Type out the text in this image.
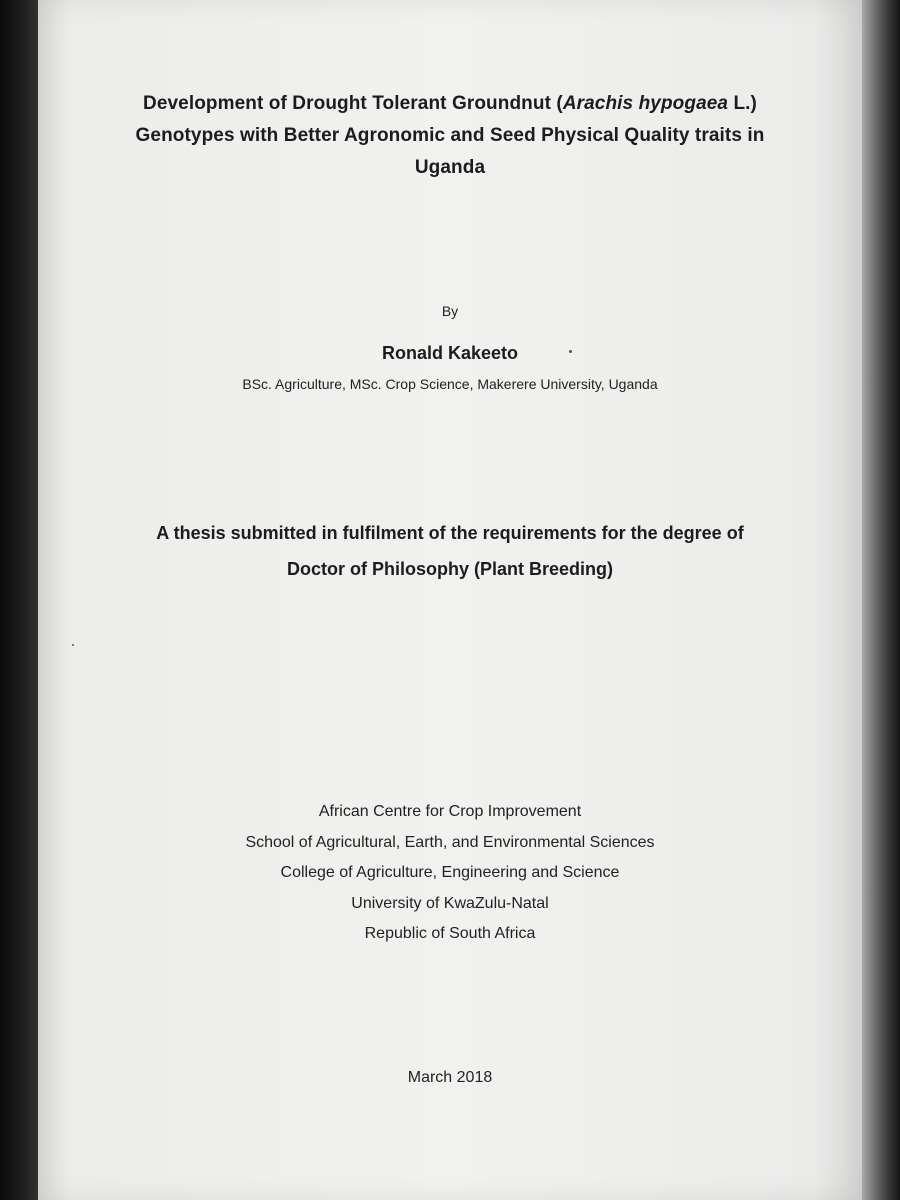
Development of Drought Tolerant Groundnut (Arachis hypogaea L.)

Genotypes with Better Agronomic and Seed Physical Quality traits in

Uganda

By

Ronald Kakeeto

BSc. Agriculture, MSc. Crop Science, Makerere University, Uganda

A thesis submitted in fulfilment of the requirements for the degree of

Doctor of Philosophy (Plant Breeding)

African Centre for Crop Improvement

School of Agricultural, Earth, and Environmental Sciences

College of Agriculture, Engineering and Science

University of KwaZulu-Natal

Republic of South Africa

March 2018
